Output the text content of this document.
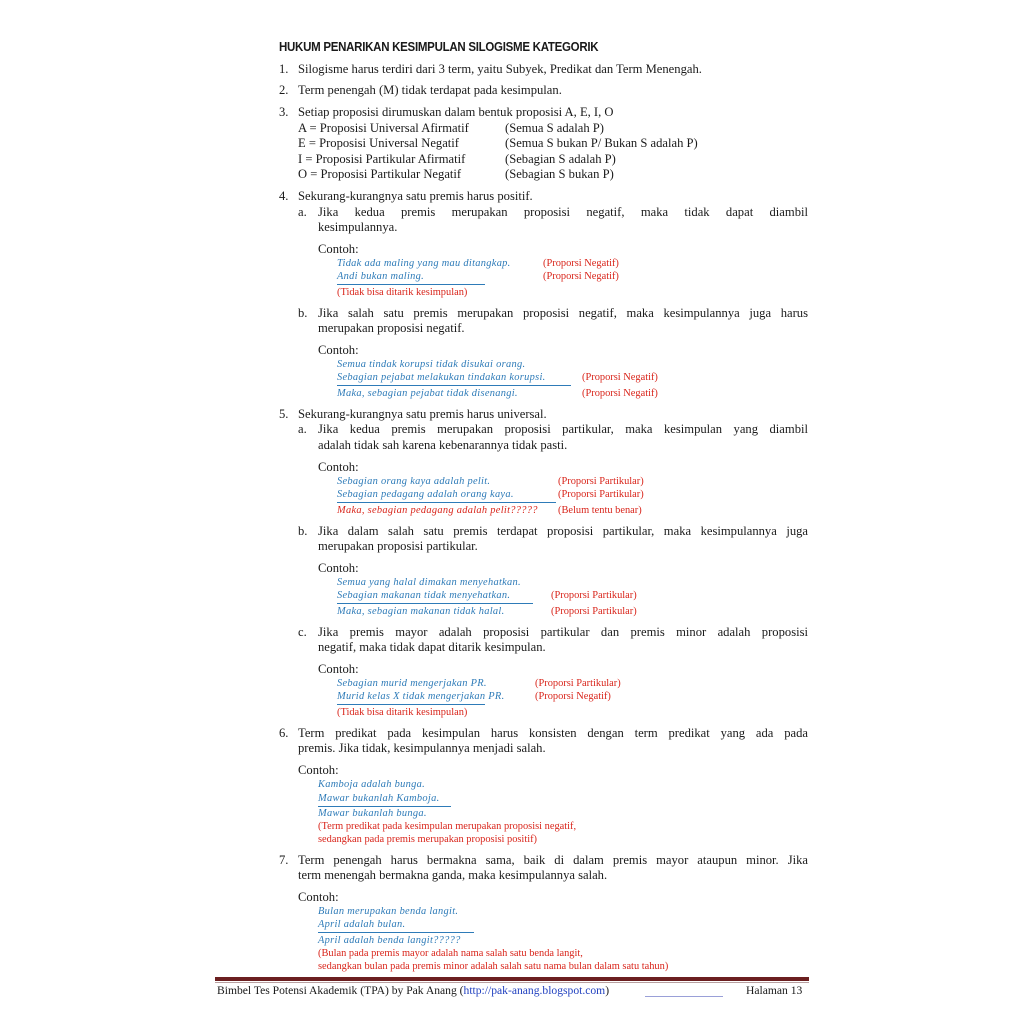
HUKUM PENARIKAN KESIMPULAN SILOGISME KATEGORIK
1. Silogisme harus terdiri dari 3 term, yaitu Subyek, Predikat dan Term Menengah.
2. Term penengah (M) tidak terdapat pada kesimpulan.
3. Setiap proposisi dirumuskan dalam bentuk proposisi A, E, I, O
A = Proposisi Universal Afirmatif	(Semua S adalah P)
E = Proposisi Universal Negatif	(Semua S bukan P/ Bukan S adalah P)
I = Proposisi Partikular Afirmatif	(Sebagian S adalah P)
O = Proposisi Partikular Negatif	(Sebagian S bukan P)
4. Sekurang-kurangnya satu premis harus positif.
a. Jika kedua premis merupakan proposisi negatif, maka tidak dapat diambil
kesimpulannya.
Contoh:
Tidak ada maling yang mau ditangkap.	(Proporsi Negatif)
Andi bukan maling.	(Proporsi Negatif)
(Tidak bisa ditarik kesimpulan)
b. Jika salah satu premis merupakan proposisi negatif, maka kesimpulannya juga harus
merupakan proposisi negatif.
Contoh:
Semua tindak korupsi tidak disukai orang.
Sebagian pejabat melakukan tindakan korupsi.	(Proporsi Negatif)
Maka, sebagian pejabat tidak disenangi.	(Proporsi Negatif)
5. Sekurang-kurangnya satu premis harus universal.
a. Jika kedua premis merupakan proposisi partikular, maka kesimpulan yang diambil
adalah tidak sah karena kebenarannya tidak pasti.
Contoh:
Sebagian orang kaya adalah pelit.	(Proporsi Partikular)
Sebagian pedagang adalah orang kaya.	(Proporsi Partikular)
Maka, sebagian pedagang adalah pelit????? (Belum tentu benar)
b. Jika dalam salah satu premis terdapat proposisi partikular, maka kesimpulannya juga
merupakan proposisi partikular.
Contoh:
Semua yang halal dimakan menyehatkan.
Sebagian makanan tidak menyehatkan.	(Proporsi Partikular)
Maka, sebagian makanan tidak halal.	(Proporsi Partikular)
c. Jika premis mayor adalah proposisi partikular dan premis minor adalah proposisi
negatif, maka tidak dapat ditarik kesimpulan.
Contoh:
Sebagian murid mengerjakan PR.	(Proporsi Partikular)
Murid kelas X tidak mengerjakan PR.	(Proporsi Negatif)
(Tidak bisa ditarik kesimpulan)
6. Term predikat pada kesimpulan harus konsisten dengan term predikat yang ada pada
premis. Jika tidak, kesimpulannya menjadi salah.
Contoh:
Kamboja adalah bunga.
Mawar bukanlah Kamboja.
Mawar bukanlah bunga.
(Term predikat pada kesimpulan merupakan proposisi negatif,
sedangkan pada premis merupakan proposisi positif)
7. Term penengah harus bermakna sama, baik di dalam premis mayor ataupun minor. Jika
term menengah bermakna ganda, maka kesimpulannya salah.
Contoh:
Bulan merupakan benda langit.
April adalah bulan.
April adalah benda langit?????
(Bulan pada premis mayor adalah nama salah satu benda langit,
sedangkan bulan pada premis minor adalah salah satu nama bulan dalam satu tahun)
Bimbel Tes Potensi Akademik (TPA) by Pak Anang (http://pak-anang.blogspot.com)	Halaman 13
